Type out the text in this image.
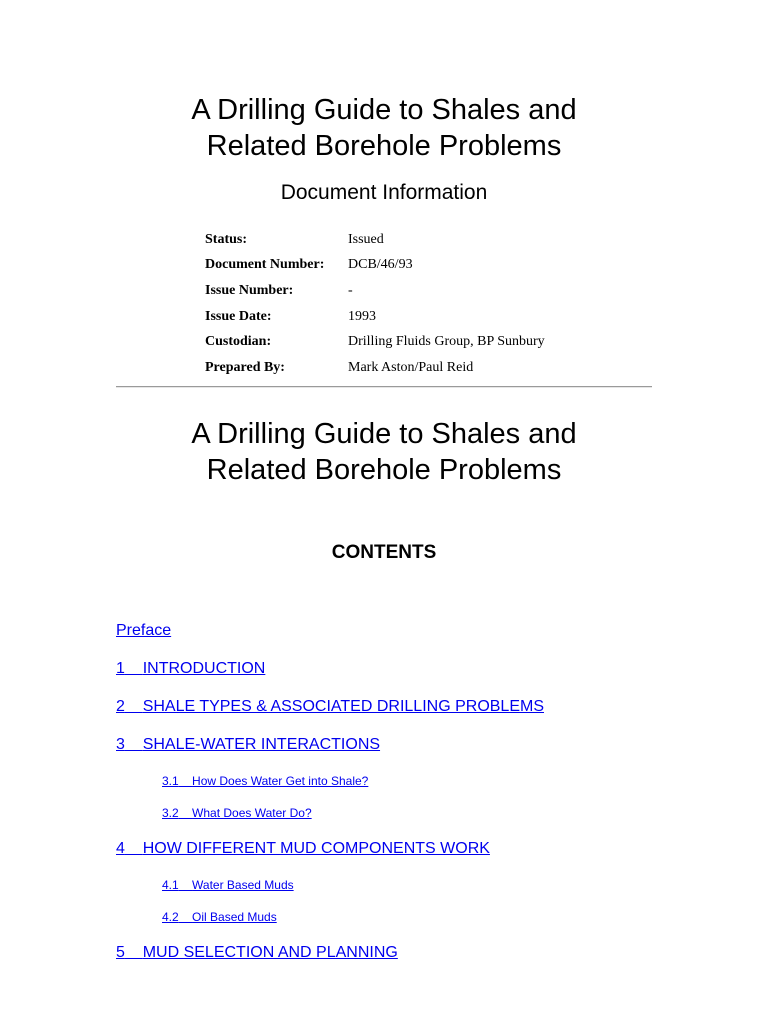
A Drilling Guide to Shales and
Related Borehole Problems
Document Information
Status:	Issued
Document Number:	DCB/46/93
Issue Number:	-
Issue Date:	1993
Custodian:	Drilling Fluids Group, BP Sunbury
Prepared By:	Mark Aston/Paul Reid
A Drilling Guide to Shales and
Related Borehole Problems
CONTENTS
Preface
1 INTRODUCTION
2 SHALE TYPES & ASSOCIATED DRILLING PROBLEMS
3 SHALE-WATER INTERACTIONS
3.1 How Does Water Get into Shale?
3.2 What Does Water Do?
4 HOW DIFFERENT MUD COMPONENTS WORK
4.1 Water Based Muds
4.2 Oil Based Muds
5 MUD SELECTION AND PLANNING
